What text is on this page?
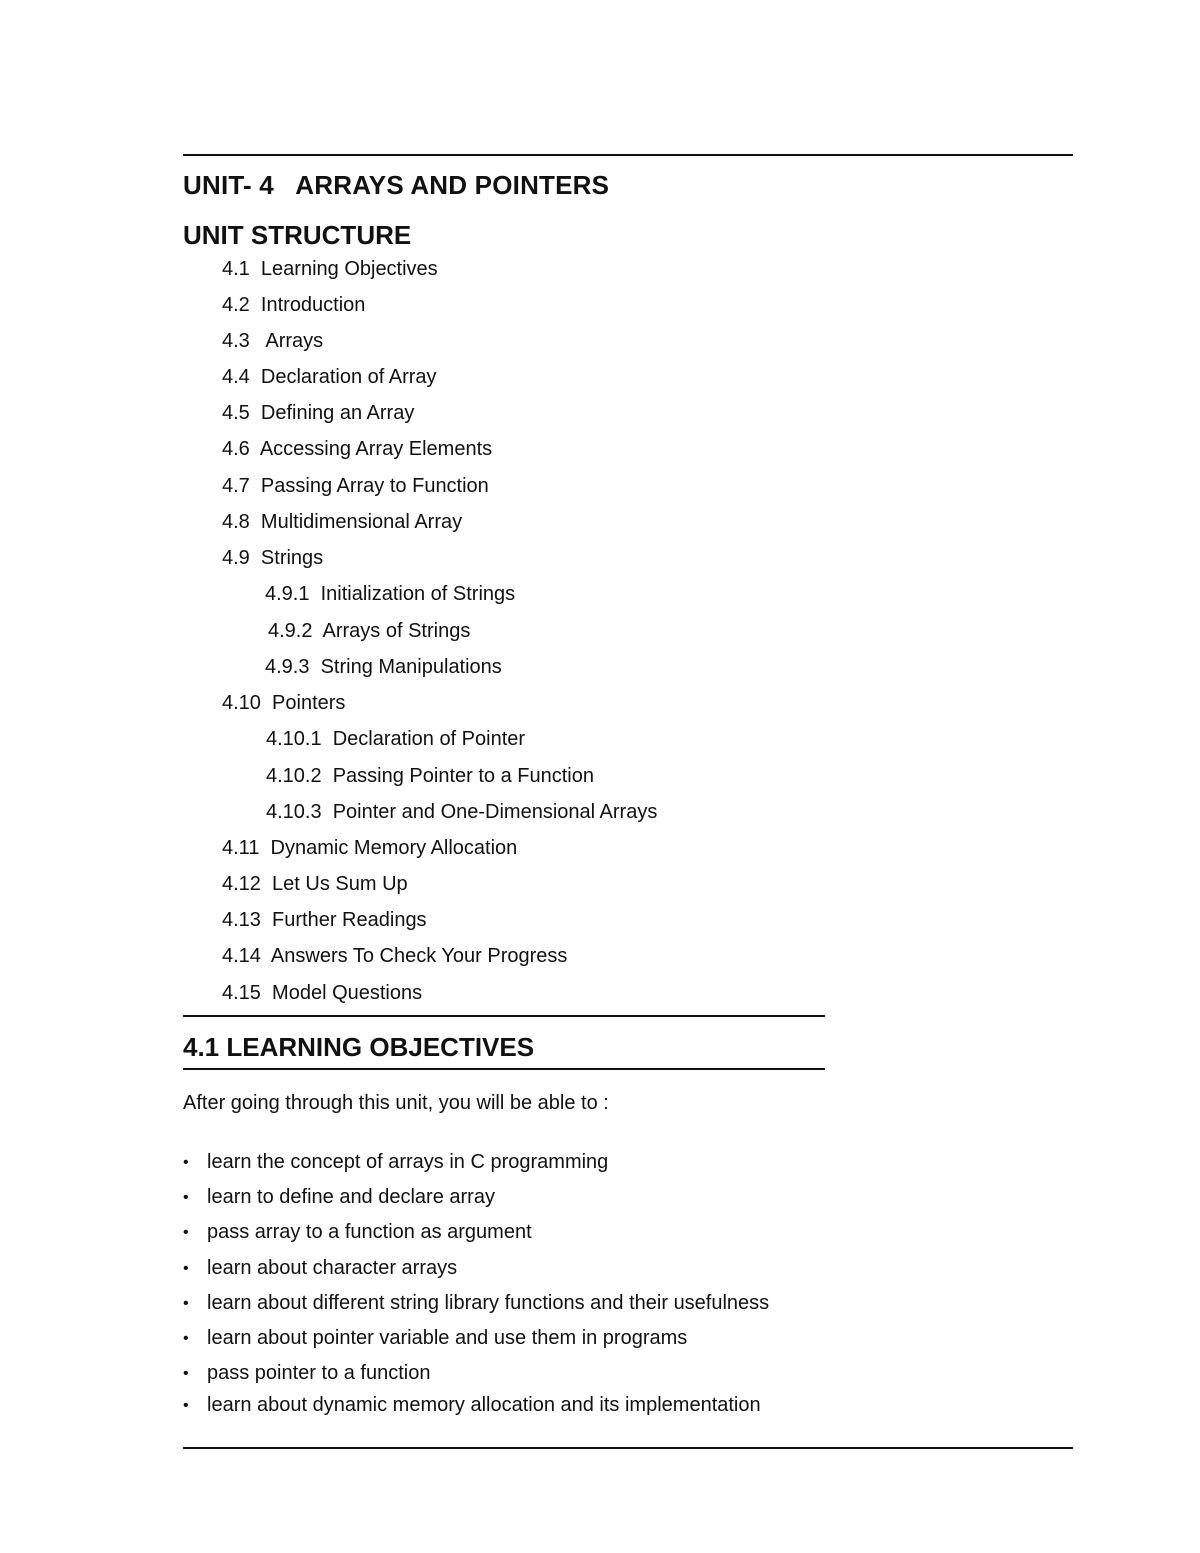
UNIT- 4   ARRAYS AND POINTERS
UNIT STRUCTURE
4.1  Learning Objectives
4.2  Introduction
4.3   Arrays
4.4  Declaration of Array
4.5  Defining an Array
4.6  Accessing Array Elements
4.7  Passing Array to Function
4.8  Multidimensional Array
4.9  Strings
4.9.1  Initialization of Strings
4.9.2  Arrays of Strings
4.9.3  String Manipulations
4.10  Pointers
4.10.1  Declaration of Pointer
4.10.2  Passing Pointer to a Function
4.10.3  Pointer and One-Dimensional Arrays
4.11  Dynamic Memory Allocation
4.12  Let Us Sum Up
4.13  Further Readings
4.14  Answers To Check Your Progress
4.15  Model Questions
4.1 LEARNING OBJECTIVES

After going through this unit, you will be able to :

• learn the concept of arrays in C programming
• learn to define and declare array
• pass array to a function as argument
• learn about character arrays
• learn about different string library functions and their usefulness
• learn about pointer variable and use them in programs
• pass pointer to a function
• learn about dynamic memory allocation and its implementation
